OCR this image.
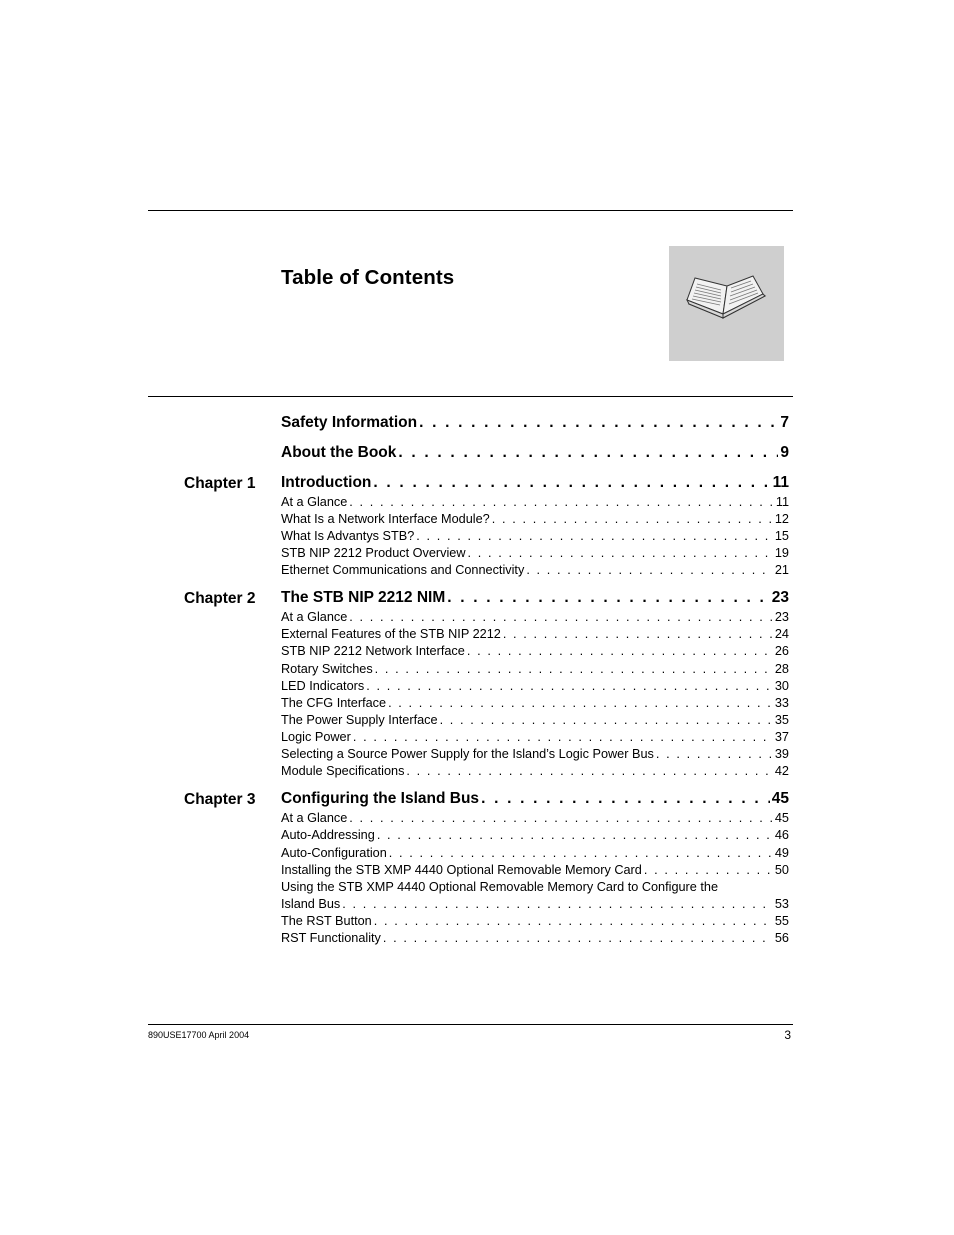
Table of Contents
Safety Information . . .	7
About the Book . . .	9
Chapter 1 Introduction . . .	11
At a Glance . . .	11
What Is a Network Interface Module? . . .	12
What Is Advantys STB? . . .	15
STB NIP 2212 Product Overview . . .	19
Ethernet Communications and Connectivity . . .	21
Chapter 2 The STB NIP 2212 NIM . . .	23
At a Glance . . .	23
External Features of the STB NIP 2212 . . .	24
STB NIP 2212 Network Interface . . .	26
Rotary Switches . . .	28
LED Indicators . . .	30
The CFG Interface . . .	33
The Power Supply Interface . . .	35
Logic Power . . .	37
Selecting a Source Power Supply for the Island’s Logic Power Bus . . .	39
Module Specifications . . .	42
Chapter 3 Configuring the Island Bus . . .	45
At a Glance . . .	45
Auto-Addressing . . .	46
Auto-Configuration . . .	49
Installing the STB XMP 4440 Optional Removable Memory Card . . .	50
Using the STB XMP 4440 Optional Removable Memory Card to Configure the
Island Bus . . .	53
The RST Button . . .	55
RST Functionality . . .	56
890USE17700 April 2004	3
